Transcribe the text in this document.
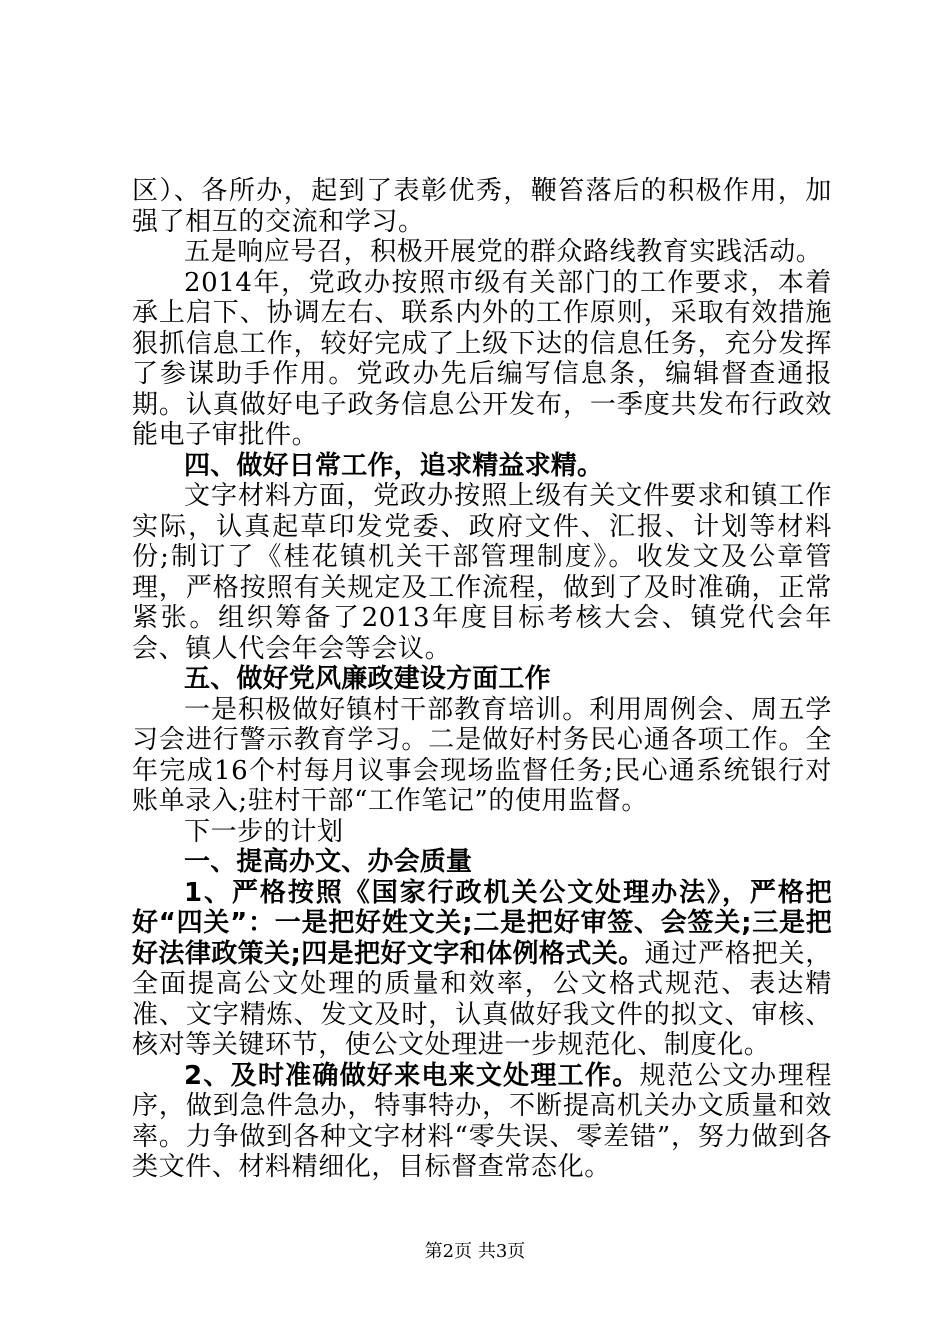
区）、各所办，起到了表彰优秀，鞭笞落后的积极作用，加强了相互的交流和学习。

五是响应号召，积极开展党的群众路线教育实践活动。

2014年，党政办按照市级有关部门的工作要求，本着承上启下、协调左右、联系内外的工作原则，采取有效措施狠抓信息工作，较好完成了上级下达的信息任务，充分发挥了参谋助手作用。党政办先后编写信息条，编辑督查通报期。认真做好电子政务信息公开发布，一季度共发布行政效能电子审批件。

四、做好日常工作，追求精益求精。

文字材料方面，党政办按照上级有关文件要求和镇工作实际，认真起草印发党委、政府文件、汇报、计划等材料份;制订了《桂花镇机关干部管理制度》。收发文及公章管理，严格按照有关规定及工作流程，做到了及时准确，正常紧张。组织筹备了2013年度目标考核大会、镇党代会年会、镇人代会年会等会议。

五、做好党风廉政建设方面工作

一是积极做好镇村干部教育培训。利用周例会、周五学习会进行警示教育学习。二是做好村务民心通各项工作。全年完成16个村每月议事会现场监督任务;民心通系统银行对账单录入;驻村干部“工作笔记”的使用监督。

下一步的计划

一、提高办文、办会质量

1、严格按照《国家行政机关公文处理办法》，严格把好“四关”：一是把好姓文关;二是把好审签、会签关;三是把好法律政策关;四是把好文字和体例格式关。通过严格把关，全面提高公文处理的质量和效率，公文格式规范、表达精准、文字精炼、发文及时，认真做好我文件的拟文、审核、核对等关键环节，使公文处理进一步规范化、制度化。

2、及时准确做好来电来文处理工作。规范公文办理程序，做到急件急办，特事特办，不断提高机关办文质量和效率。力争做到各种文字材料“零失误、零差错”，努力做到各类文件、材料精细化，目标督查常态化。

第2页 共3页
